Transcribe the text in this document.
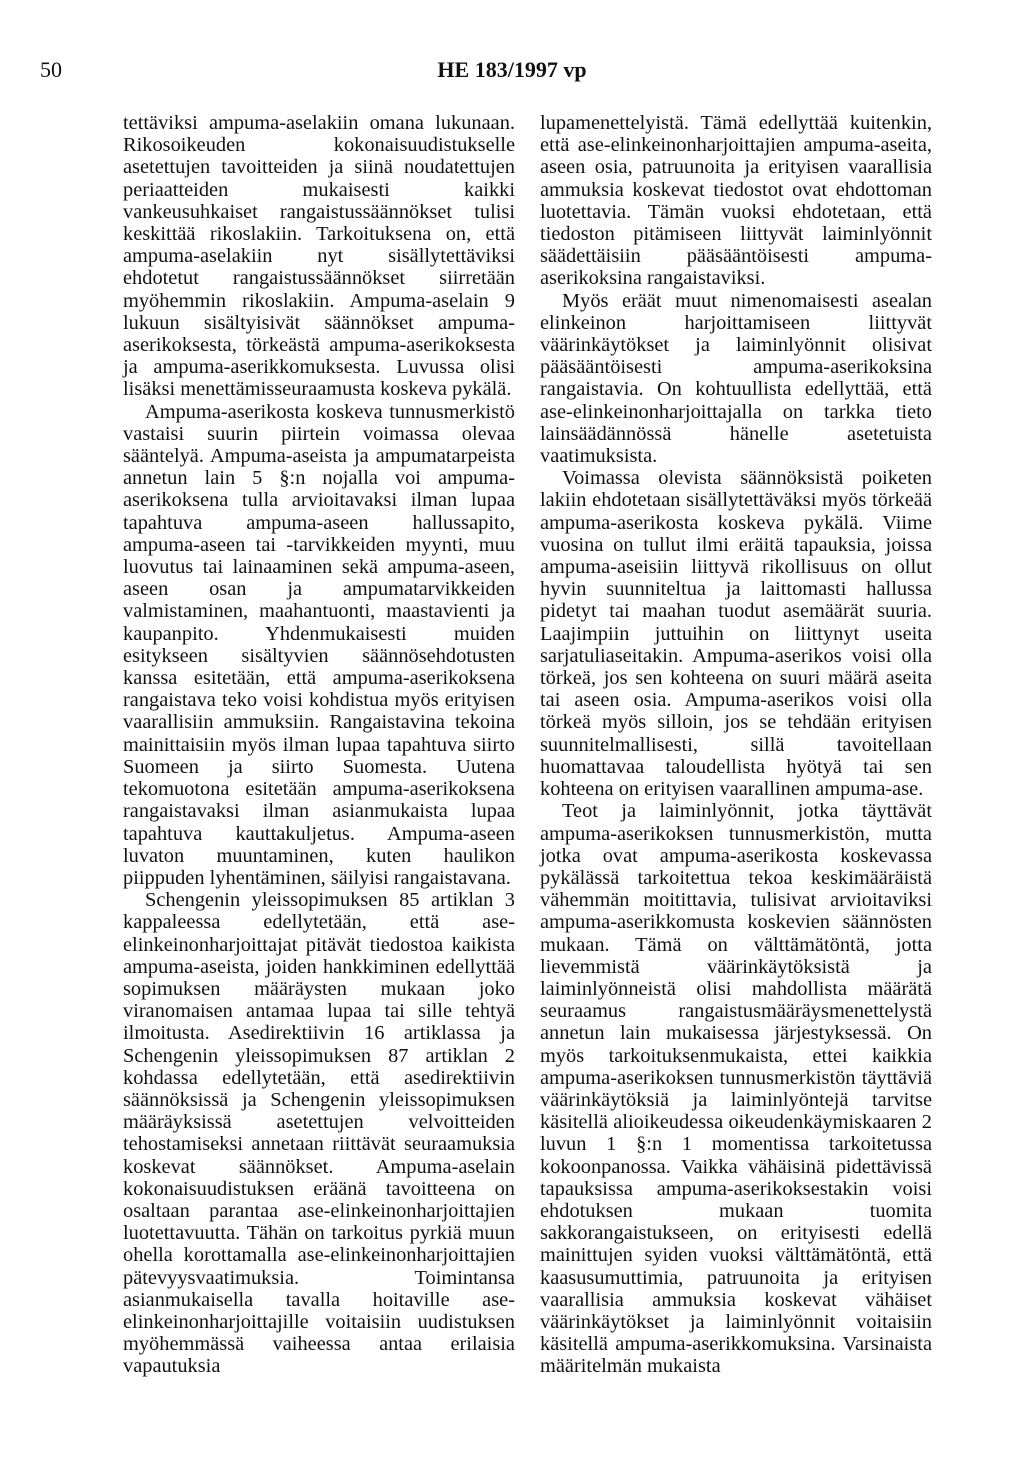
50	HE 183/1997 vp

tettäviksi ampuma-aselakiin omana lukunaan. Rikosoikeuden kokonaisuudistukselle asetettujen tavoitteiden ja siinä noudatettujen periaatteiden mukaisesti kaikki vankeusuhkaiset rangaistussäännökset tulisi keskittää rikoslakiin. Tarkoituksena on, että ampuma-aselakiin nyt sisällytettäviksi ehdotetut rangaistussäännökset siirretään myöhemmin rikoslakiin. Ampuma-aselain 9 lukuun sisältyisivät säännökset ampuma-aserikoksesta, törkeästä ampuma-aserikoksesta ja ampuma-aserikkomuksesta. Luvussa olisi lisäksi menettämisseuraamusta koskeva pykälä.

Ampuma-aserikosta koskeva tunnusmerkistö vastaisi suurin piirtein voimassa olevaa sääntelyä. Ampuma-aseista ja ampumatarpeista annetun lain 5 §:n nojalla voi ampuma-aserikoksena tulla arvioitavaksi ilman lupaa tapahtuva ampuma-aseen hallussapito, ampuma-aseen tai -tarvikkeiden myynti, muu luovutus tai lainaaminen sekä ampuma-aseen, aseen osan ja ampumatarvikkeiden valmistaminen, maahantuonti, maastavienti ja kaupanpito. Yhdenmukaisesti muiden esitykseen sisältyvien säännösehdotusten kanssa esitetään, että ampuma-aserikoksena rangaistava teko voisi kohdistua myös erityisen vaarallisiin ammuksiin. Rangaistavina tekoina mainittaisiin myös ilman lupaa tapahtuva siirto Suomeen ja siirto Suomesta. Uutena tekomuotona esitetään ampuma-aserikoksena rangaistavaksi ilman asianmukaista lupaa tapahtuva kauttakuljetus. Ampuma-aseen luvaton muuntaminen, kuten haulikon piippuden lyhentäminen, säilyisi rangaistavana.

Schengenin yleissopimuksen 85 artiklan 3 kappaleessa edellytetään, että ase-elinkeinonharjoittajat pitävät tiedostoa kaikista ampuma-aseista, joiden hankkiminen edellyttää sopimuksen määräysten mukaan joko viranomaisen antamaa lupaa tai sille tehtyä ilmoitusta. Asedirektiivin 16 artiklassa ja Schengenin yleissopimuksen 87 artiklan 2 kohdassa edellytetään, että asedirektiivin säännöksissä ja Schengenin yleissopimuksen määräyksissä asetettujen velvoitteiden tehostamiseksi annetaan riittävät seuraamuksia koskevat säännökset. Ampuma-aselain kokonaisuudistuksen eräänä tavoitteena on osaltaan parantaa ase-elinkeinonharjoittajien luotettavuutta. Tähän on tarkoitus pyrkiä muun ohella korottamalla ase-elinkeinonharjoittajien pätevyysvaatimuksia. Toimintansa asianmukaisella tavalla hoitaville ase-elinkeinonharjoittajille voitaisiin uudistuksen myöhemmässä vaiheessa antaa erilaisia vapautuksia

lupamenettelyistä. Tämä edellyttää kuitenkin, että ase-elinkeinonharjoittajien ampuma-aseita, aseen osia, patruunoita ja erityisen vaarallisia ammuksia koskevat tiedostot ovat ehdottoman luotettavia. Tämän vuoksi ehdotetaan, että tiedoston pitämiseen liittyvät laiminlyönnit säädettäisiin pääsääntöisesti ampuma-aserikoksina rangaistaviksi.

Myös eräät muut nimenomaisesti asealan elinkeinon harjoittamiseen liittyvät väärinkäytökset ja laiminlyönnit olisivat pääsääntöisesti ampuma-aserikoksina rangaistavia. On kohtuullista edellyttää, että ase-elinkeinonharjoittajalla on tarkka tieto lainsäädännössä hänelle asetetuista vaatimuksista.

Voimassa olevista säännöksistä poiketen lakiin ehdotetaan sisällytettäväksi myös törkeää ampuma-aserikosta koskeva pykälä. Viime vuosina on tullut ilmi eräitä tapauksia, joissa ampuma-aseisiin liittyvä rikollisuus on ollut hyvin suunniteltua ja laittomasti hallussa pidetyt tai maahan tuodut asemäärät suuria. Laajimpiin juttuihin on liittynyt useita sarjatuliaseitakin. Ampuma-aserikos voisi olla törkeä, jos sen kohteena on suuri määrä aseita tai aseen osia. Ampuma-aserikos voisi olla törkeä myös silloin, jos se tehdään erityisen suunnitelmallisesti, sillä tavoitellaan huomattavaa taloudellista hyötyä tai sen kohteena on erityisen vaarallinen ampuma-ase.

Teot ja laiminlyönnit, jotka täyttävät ampuma-aserikoksen tunnusmerkistön, mutta jotka ovat ampuma-aserikosta koskevassa pykälässä tarkoitettua tekoa keskimääräistä vähemmän moitittavia, tulisivat arvioitaviksi ampuma-aserikkomusta koskevien säännösten mukaan. Tämä on välttämätöntä, jotta lievemmistä väärinkäytöksistä ja laiminlyönneistä olisi mahdollista määrätä seuraamus rangaistusmääräysmenettelystä annetun lain mukaisessa järjestyksessä. On myös tarkoituksenmukaista, ettei kaikkia ampuma-aserikoksen tunnusmerkistön täyttäviä väärinkäytöksiä ja laiminlyöntejä tarvitse käsitellä alioikeudessa oikeudenkäymiskaaren 2 luvun 1 §:n 1 momentissa tarkoitetussa kokoonpanossa. Vaikka vähäisinä pidettävissä tapauksissa ampuma-aserikoksestakin voisi ehdotuksen mukaan tuomita sakkorangaistukseen, on erityisesti edellä mainittujen syiden vuoksi välttämätöntä, että kaasusumuttimia, patruunoita ja erityisen vaarallisia ammuksia koskevat vähäiset väärinkäytökset ja laiminlyönnit voitaisiin käsitellä ampuma-aserikkomuksina. Varsinaista määritelmän mukaista
